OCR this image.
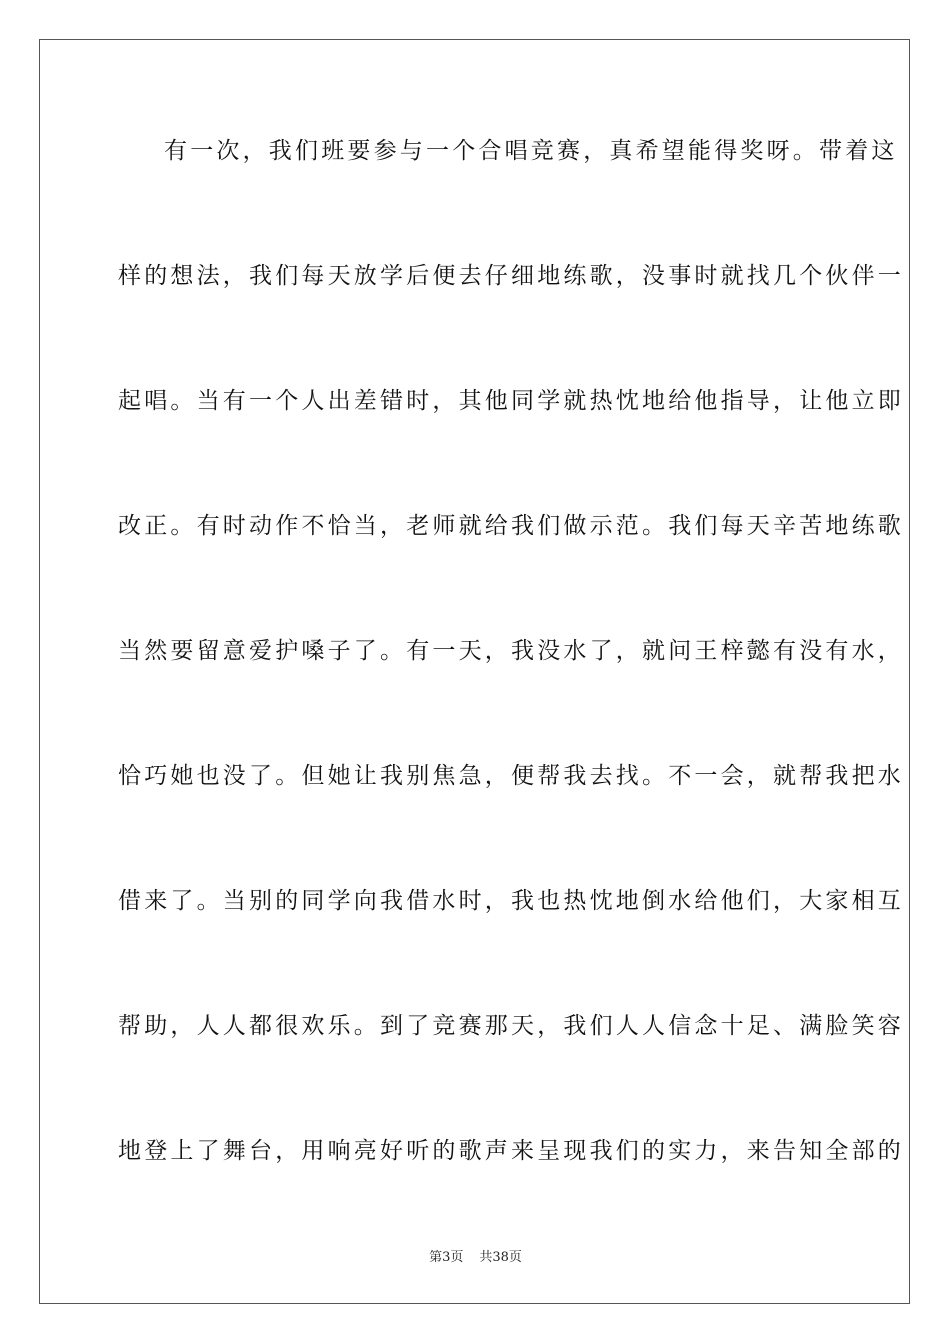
有一次，我们班要参与一个合唱竞赛，真希望能得奖呀。带着这
样的想法，我们每天放学后便去仔细地练歌，没事时就找几个伙伴一
起唱。当有一个人出差错时，其他同学就热忱地给他指导，让他立即
改正。有时动作不恰当，老师就给我们做示范。我们每天辛苦地练歌
当然要留意爱护嗓子了。有一天，我没水了，就问王梓懿有没有水，
恰巧她也没了。但她让我别焦急，便帮我去找。不一会，就帮我把水
借来了。当别的同学向我借水时，我也热忱地倒水给他们，大家相互
帮助，人人都很欢乐。到了竞赛那天，我们人人信念十足、满脸笑容
地登上了舞台，用响亮好听的歌声来呈现我们的实力，来告知全部的
第3页 共38页
